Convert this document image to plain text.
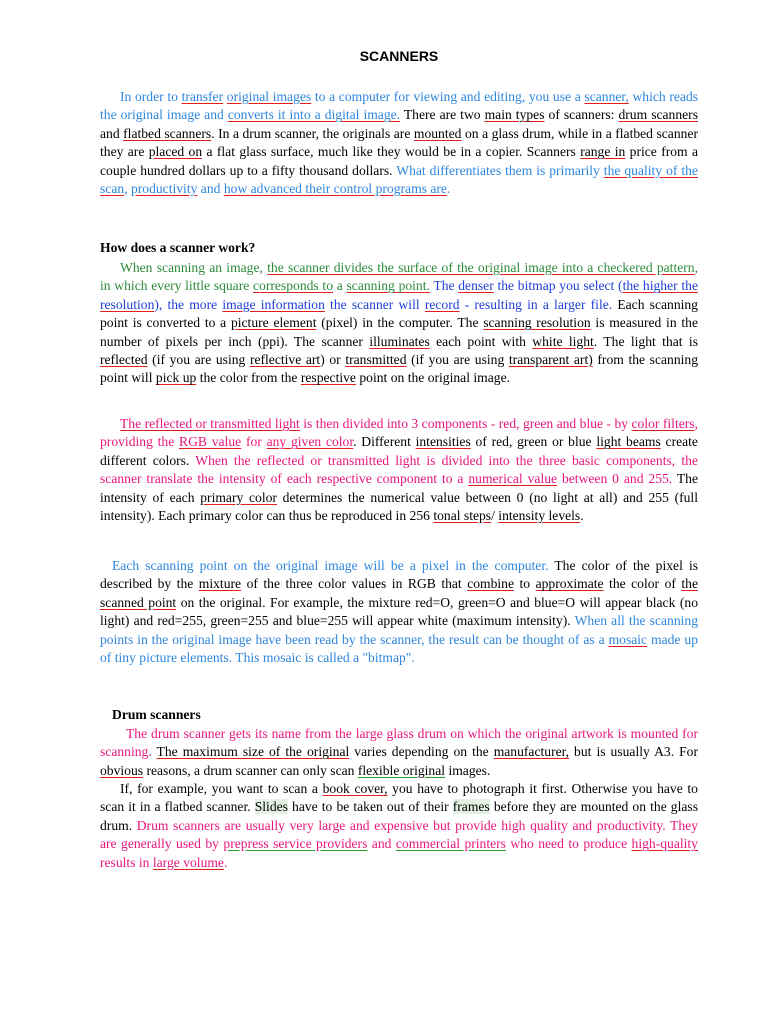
SCANNERS

In order to transfer original images to a computer for viewing and editing, you use a scanner, which reads the original image and converts it into a digital image. There are two main types of scanners: drum scanners and flatbed scanners. In a drum scanner, the originals are mounted on a glass drum, while in a flatbed scanner they are placed on a flat glass surface, much like they would be in a copier. Scanners range in price from a couple hundred dollars up to a fifty thousand dollars. What differentiates them is primarily the quality of the scan, productivity and how advanced their control programs are.

How does a scanner work?

When scanning an image, the scanner divides the surface of the original image into a checkered pattern, in which every little square corresponds to a scanning point. The denser the bitmap you select (the higher the resolution), the more image information the scanner will record - resulting in a larger file. Each scanning point is converted to a picture element (pixel) in the computer. The scanning resolution is measured in the number of pixels per inch (ppi). The scanner illuminates each point with white light. The light that is reflected (if you are using reflective art) or transmitted (if you are using transparent art) from the scanning point will pick up the color from the respective point on the original image.

The reflected or transmitted light is then divided into 3 components - red, green and blue - by color filters, providing the RGB value for any given color. Different intensities of red, green or blue light beams create different colors. When the reflected or transmitted light is divided into the three basic components, the scanner translate the intensity of each respective component to a numerical value between 0 and 255. The intensity of each primary color determines the numerical value between 0 (no light at all) and 255 (full intensity). Each primary color can thus be reproduced in 256 tonal steps/ intensity levels.

Each scanning point on the original image will be a pixel in the computer. The color of the pixel is described by the mixture of the three color values in RGB that combine to approximate the color of the scanned point on the original. For example, the mixture red=O, green=O and blue=O will appear black (no light) and red=255, green=255 and blue=255 will appear white (maximum intensity). When all the scanning points in the original image have been read by the scanner, the result can be thought of as a mosaic made up of tiny picture elements. This mosaic is called a "bitmap".

Drum scanners

The drum scanner gets its name from the large glass drum on which the original artwork is mounted for scanning. The maximum size of the original varies depending on the manufacturer, but is usually A3. For obvious reasons, a drum scanner can only scan flexible original images.

If, for example, you want to scan a book cover, you have to photograph it first. Otherwise you have to scan it in a flatbed scanner. Slides have to be taken out of their frames before they are mounted on the glass drum. Drum scanners are usually very large and expensive but provide high quality and productivity. They are generally used by prepress service providers and commercial printers who need to produce high-quality results in large volume.
